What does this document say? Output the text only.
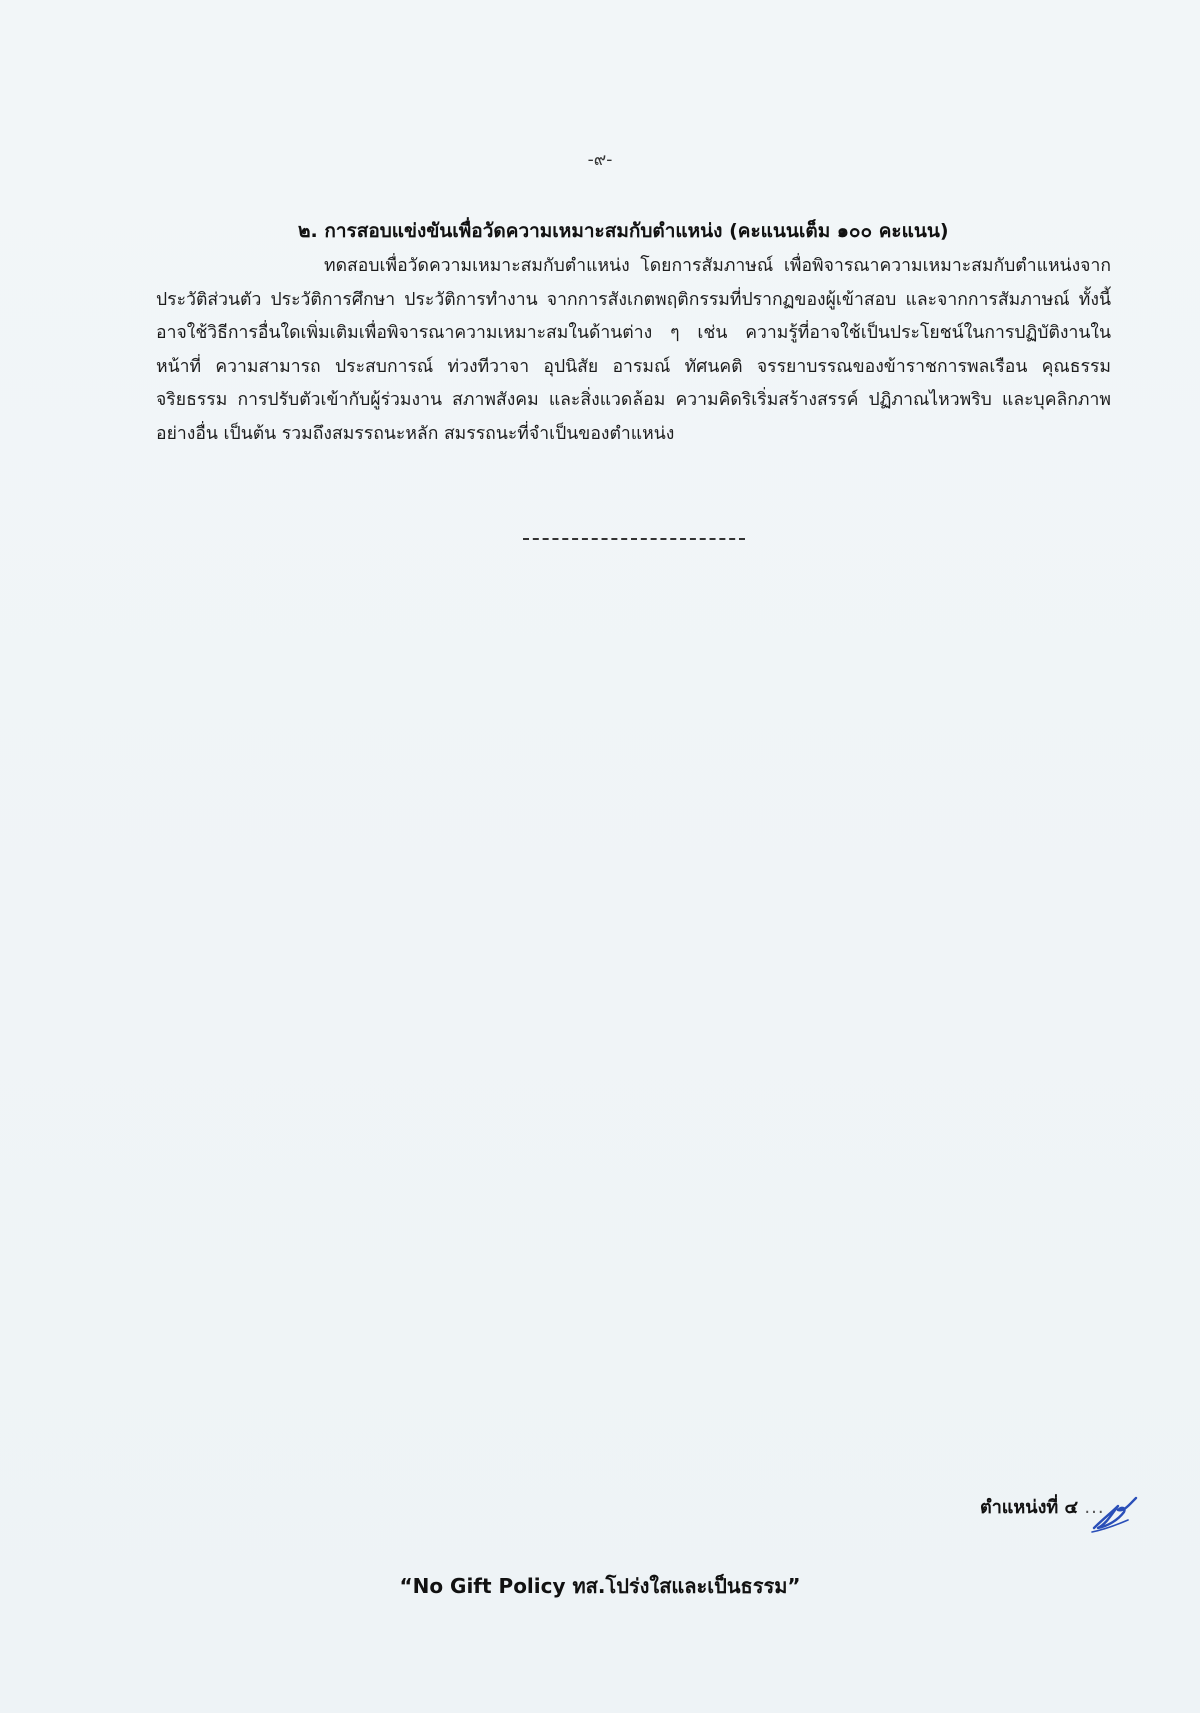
-๙-
๒. การสอบแข่งขันเพื่อวัดความเหมาะสมกับตำแหน่ง (คะแนนเต็ม ๑๐๐ คะแนน)

ทดสอบเพื่อวัดความเหมาะสมกับตำแหน่ง โดยการสัมภาษณ์ เพื่อพิจารณาความเหมาะสมกับตำแหน่งจากประวัติส่วนตัว ประวัติการศึกษา ประวัติการทำงาน จากการสังเกตพฤติกรรมที่ปรากฏของผู้เข้าสอบ และจากการสัมภาษณ์ ทั้งนี้ อาจใช้วิธีการอื่นใดเพิ่มเติมเพื่อพิจารณาความเหมาะสมในด้านต่าง ๆ เช่น ความรู้ที่อาจใช้เป็นประโยชน์ในการปฏิบัติงานในหน้าที่ ความสามารถ ประสบการณ์ ท่วงทีวาจา อุปนิสัย อารมณ์ ทัศนคติ จรรยาบรรณของข้าราชการพลเรือน คุณธรรม จริยธรรม การปรับตัวเข้ากับผู้ร่วมงาน สภาพสังคม และสิ่งแวดล้อม ความคิดริเริ่มสร้างสรรค์ ปฏิภาณไหวพริบ และบุคลิกภาพอย่างอื่น เป็นต้น รวมถึงสมรรถนะหลัก สมรรถนะที่จำเป็นของตำแหน่ง

ตำแหน่งที่ ๔ ...
“No Gift Policy ทส.โปร่งใสและเป็นธรรม”
